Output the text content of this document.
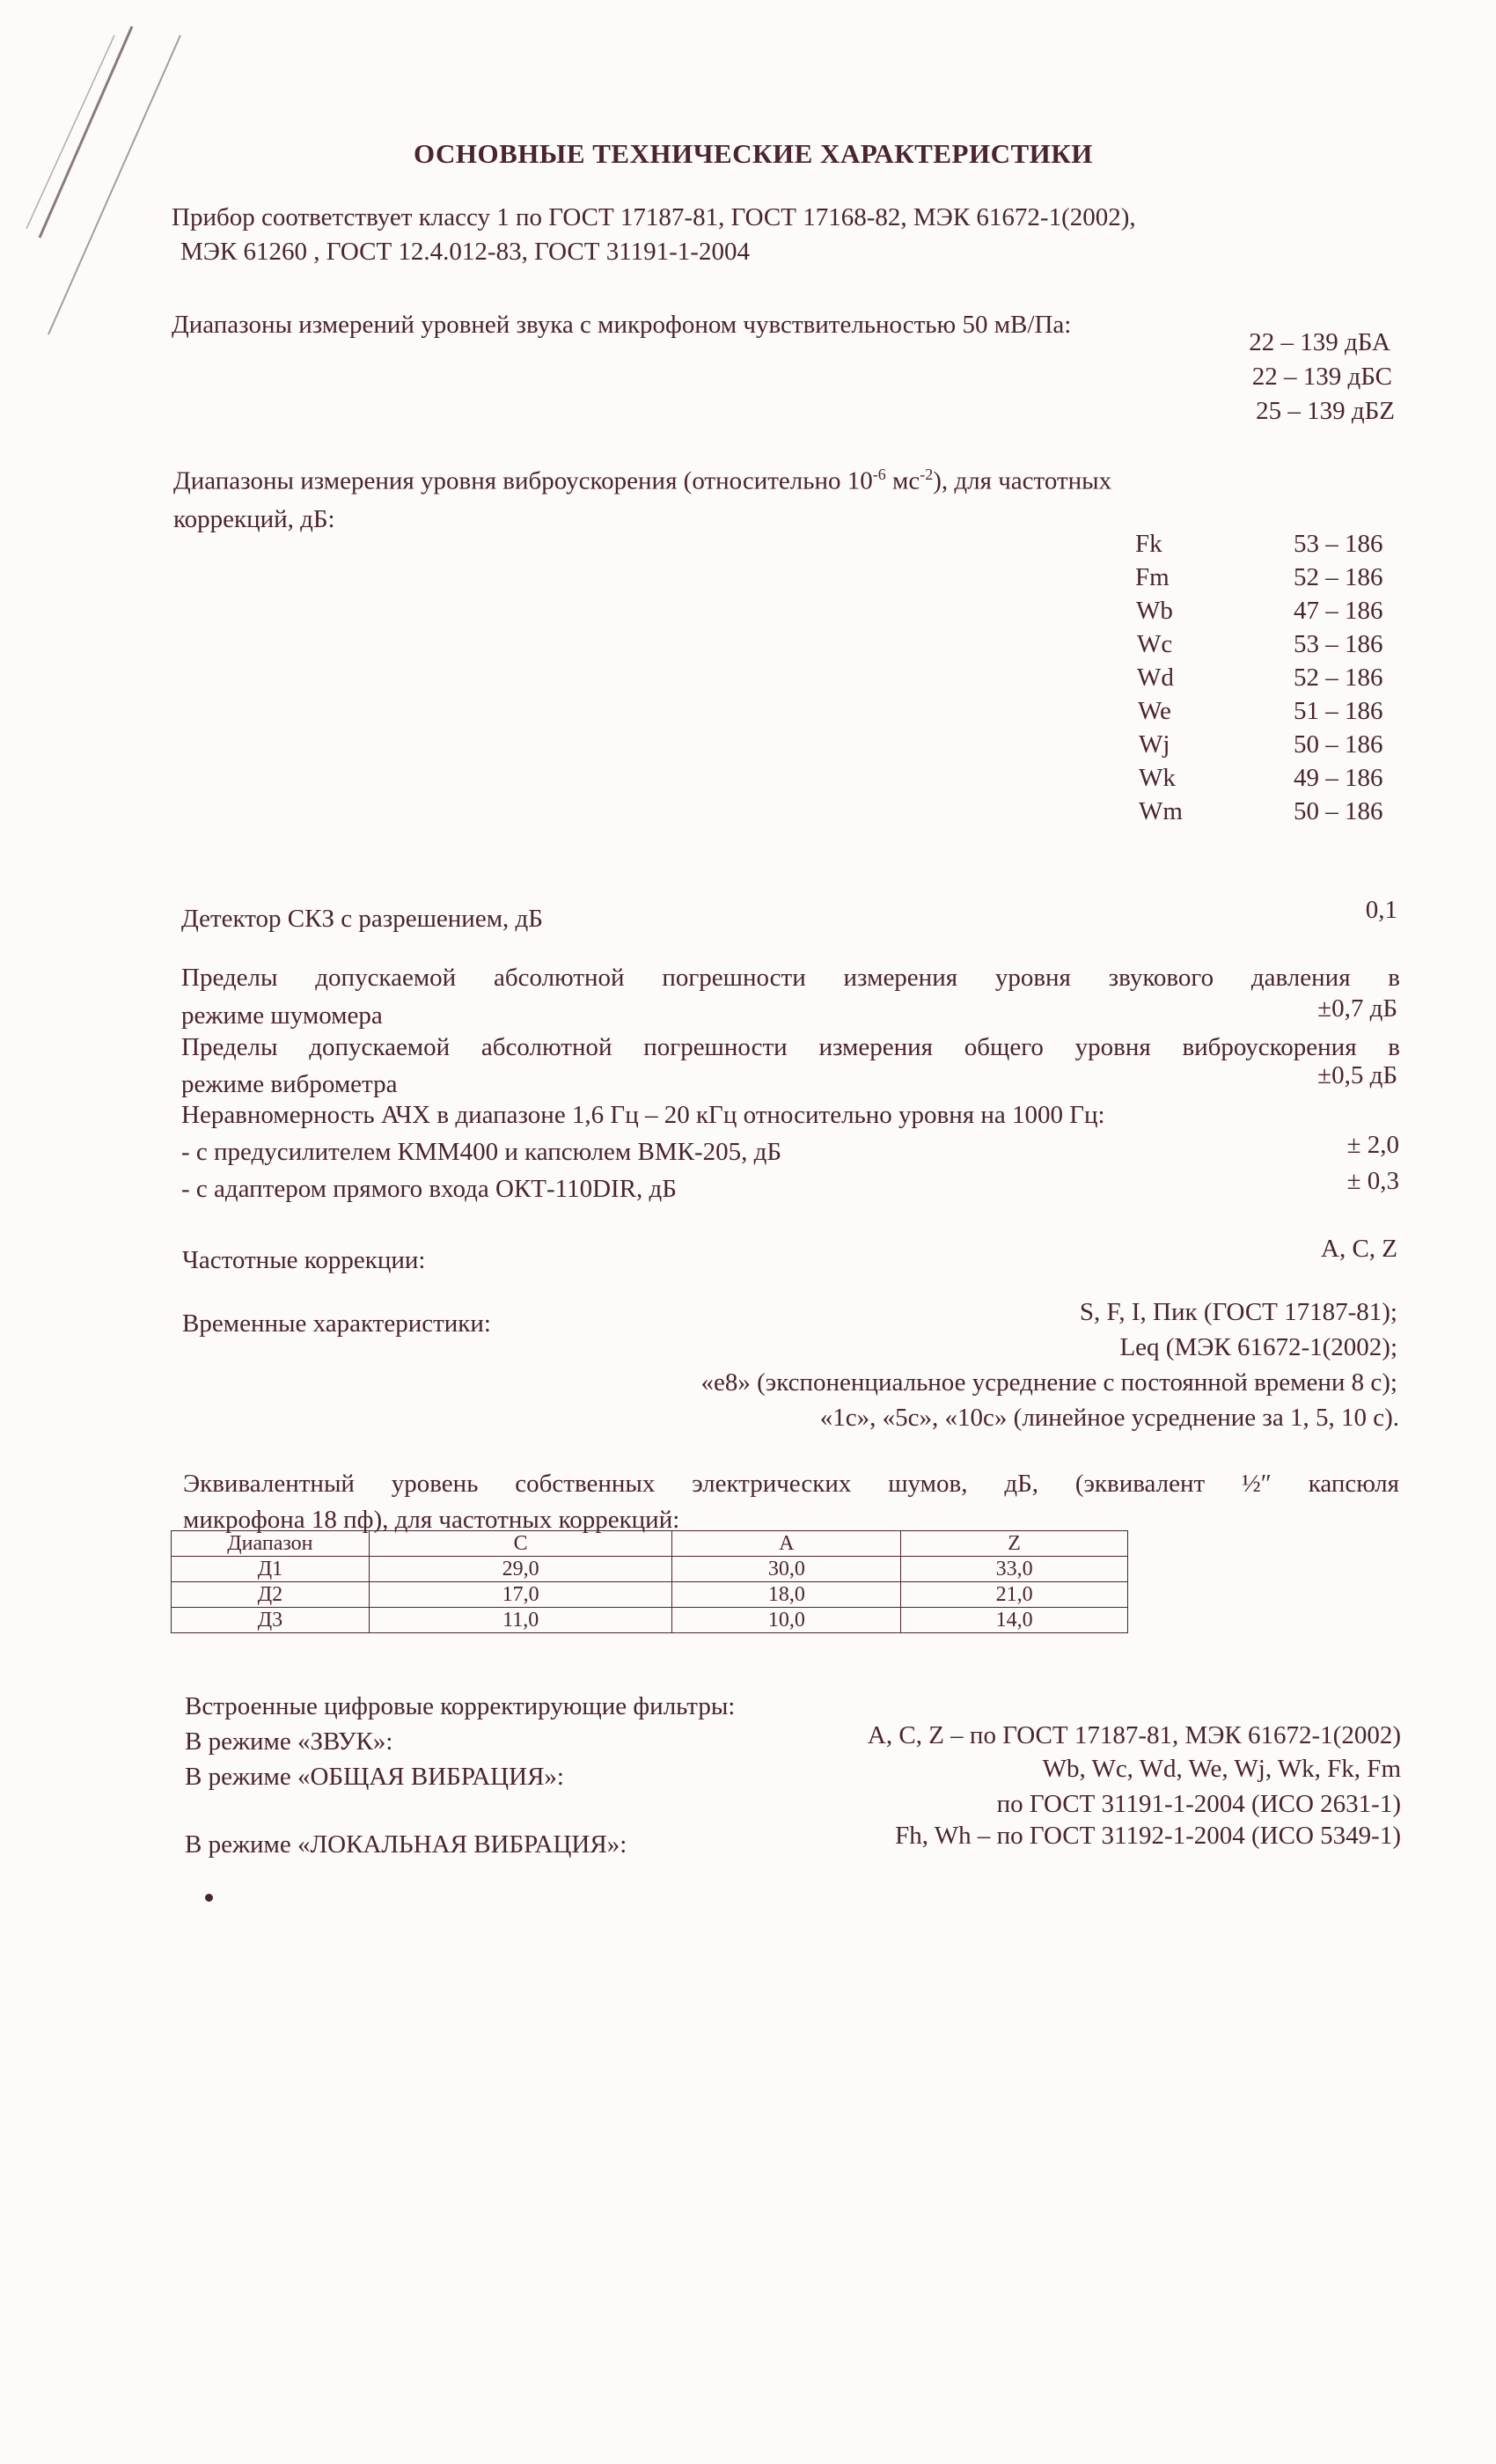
ОСНОВНЫЕ ТЕХНИЧЕСКИЕ ХАРАКТЕРИСТИКИ
Прибор соответствует классу 1 по ГОСТ 17187-81, ГОСТ 17168-82, МЭК 61672-1(2002),
МЭК 61260 , ГОСТ 12.4.012-83, ГОСТ 31191-1-2004
Диапазоны измерений уровней звука с микрофоном чувствительностью 50 мВ/Па:
22 – 139 дБА
22 – 139 дБС
25 – 139 дБZ
Диапазоны измерения уровня виброускорения (относительно $10^{-6}$ $мс^{-2}$), для частотных
коррекций, дБ:
Fk	53 – 186
Fm	52 – 186
Wb	47 – 186
Wc	53 – 186
Wd	52 – 186
We	51 – 186
Wj	50 – 186
Wk	49 – 186
Wm	50 – 186
Детектор СКЗ с разрешением, дБ	0,1
Пределы допускаемой абсолютной погрешности измерения уровня звукового давления в
режиме шумомера	±0,7 дБ
Пределы допускаемой абсолютной погрешности измерения общего уровня виброускорения в
режиме виброметра	±0,5 дБ
Неравномерность АЧХ в диапазоне 1,6 Гц – 20 кГц относительно уровня на 1000 Гц:
- с предусилителем КММ400 и капсюлем ВМК-205, дБ	± 2,0
- с адаптером прямого входа ОКТ-110DIR, дБ	± 0,3
Частотные коррекции:	A, C, Z
Временные характеристики:	S, F, I, Пик (ГОСТ 17187-81);
Leq (МЭК 61672-1(2002);
«e8» (экспоненциальное усреднение с постоянной времени 8 с);
«1с», «5с», «10с» (линейное усреднение за 1, 5, 10 с).
Эквивалентный уровень собственных электрических шумов, дБ, (эквивалент ½″ капсюля
микрофона 18 пф), для частотных коррекций:
Диапазон	C	A	Z
Д1	29,0	30,0	33,0
Д2	17,0	18,0	21,0
Д3	11,0	10,0	14,0
Встроенные цифровые корректирующие фильтры:
В режиме «ЗВУК»:	A, C, Z – по ГОСТ 17187-81, МЭК 61672-1(2002)
В режиме «ОБЩАЯ ВИБРАЦИЯ»:	Wb, Wc, Wd, We, Wj, Wk, Fk, Fm
по ГОСТ 31191-1-2004 (ИСО 2631-1)
В режиме «ЛОКАЛЬНАЯ ВИБРАЦИЯ»:	Fh, Wh – по ГОСТ 31192-1-2004 (ИСО 5349-1)
